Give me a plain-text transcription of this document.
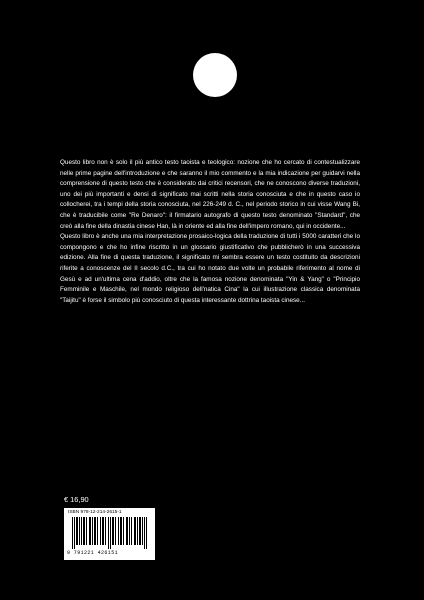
Questo libro non è solo il più antico testo taoista e teologico: nozione che ho cercato di contestualizzare nelle prime pagine dell'introduzione e che saranno il mio commento e la mia indicazione per guidarvi nella comprensione di questo testo che è considerato dai critici recensori, che ne conoscono diverse traduzioni, uno dei più importanti e densi di significato mai scritti nella storia conosciuta e che in questo caso io collocherei, tra i tempi della storia conosciuta, nel 226-249 d. C., nel periodo storico in cui visse Wang Bi, che è traducibile come "Re Denaro": il firmatario autografo di questo testo denominato "Standard", che creò alla fine della dinastia cinese Han, là in oriente ed alla fine dell'impero romano, qui in occidente...

Questo libro è anche una mia interpretazione prosaico-logica della traduzione di tutti i 5000 caratteri che lo compongono e che ho infine riscritto in un glossario giustificativo che pubblicherò in una successiva edizione. Alla fine di questa traduzione, il significato mi sembra essere un testo costituito da descrizioni riferite a conoscenze del II secolo d.C., tra cui ho notato due volte un probabile riferimento al nome di Gesù e ad un'ultima cena d'addio, oltre che la famosa nozione denominata "Yin & Yang" o "Principio Femminile e Maschile, nel mondo religioso dell'natica Cina" la cui illustrazione classica denominata "Taijitu" è forse il simbolo più conosciuto di questa interessante dottrina taoista cinese...

€ 16,90
ISBN 978-12-214-2615-1
9 791221 426151
